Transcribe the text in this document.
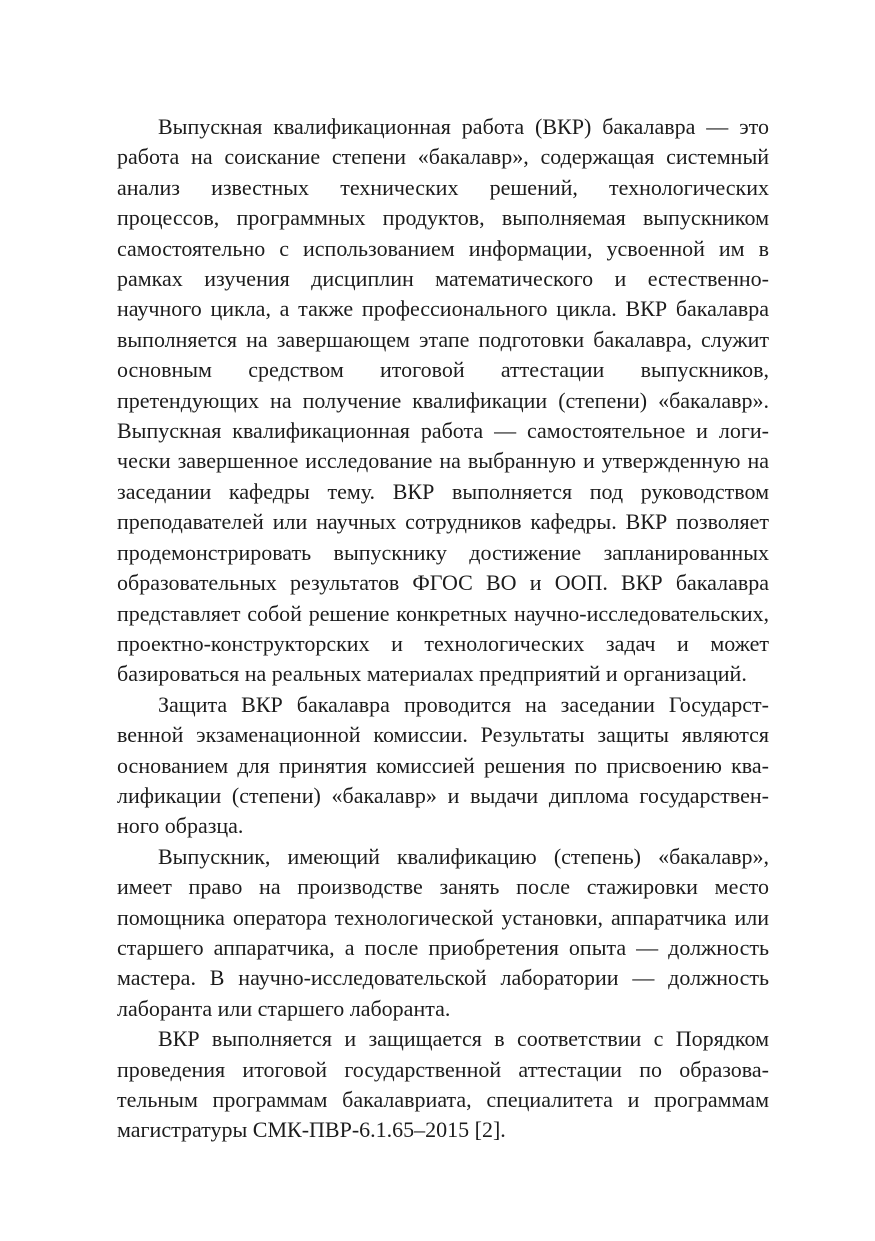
Выпускная квалификационная работа (ВКР) бакалавра — это работа на соискание степени «бакалавр», содержащая системный анализ известных технических решений, технологических процессов, программных продуктов, выполняемая выпускником самостоятельно с использованием информации, усвоенной им в рамках изучения дисциплин математического и естественно-научного цикла, а также профессионального цикла. ВКР бакалавра выполняется на завершающем этапе подготовки бакалавра, служит основным средством итоговой аттестации выпускников, претендующих на получение квалификации (степени) «бакалавр». Выпускная квалификационная работа — самостоятельное и логически завершенное исследование на выбранную и утвержденную на заседании кафедры тему. ВКР выполняется под руководством преподавателей или научных сотрудников кафедры. ВКР позволяет продемонстрировать выпускнику достижение запланированных образовательных результатов ФГОС ВО и ООП. ВКР бакалавра представляет собой решение конкретных научно-исследовательских, проектно-конструкторских и технологических задач и может базироваться на реальных материалах предприятий и организаций.

Защита ВКР бакалавра проводится на заседании Государственной экзаменационной комиссии. Результаты защиты являются основанием для принятия комиссией решения по присвоению квалификации (степени) «бакалавр» и выдачи диплома государственного образца.

Выпускник, имеющий квалификацию (степень) «бакалавр», имеет право на производстве занять после стажировки место помощника оператора технологической установки, аппаратчика или старшего аппаратчика, а после приобретения опыта — должность мастера. В научно-исследовательской лаборатории — должность лаборанта или старшего лаборанта.

ВКР выполняется и защищается в соответствии с Порядком проведения итоговой государственной аттестации по образовательным программам бакалавриата, специалитета и программам магистратуры СМК-ПВР-6.1.65–2015 [2].
